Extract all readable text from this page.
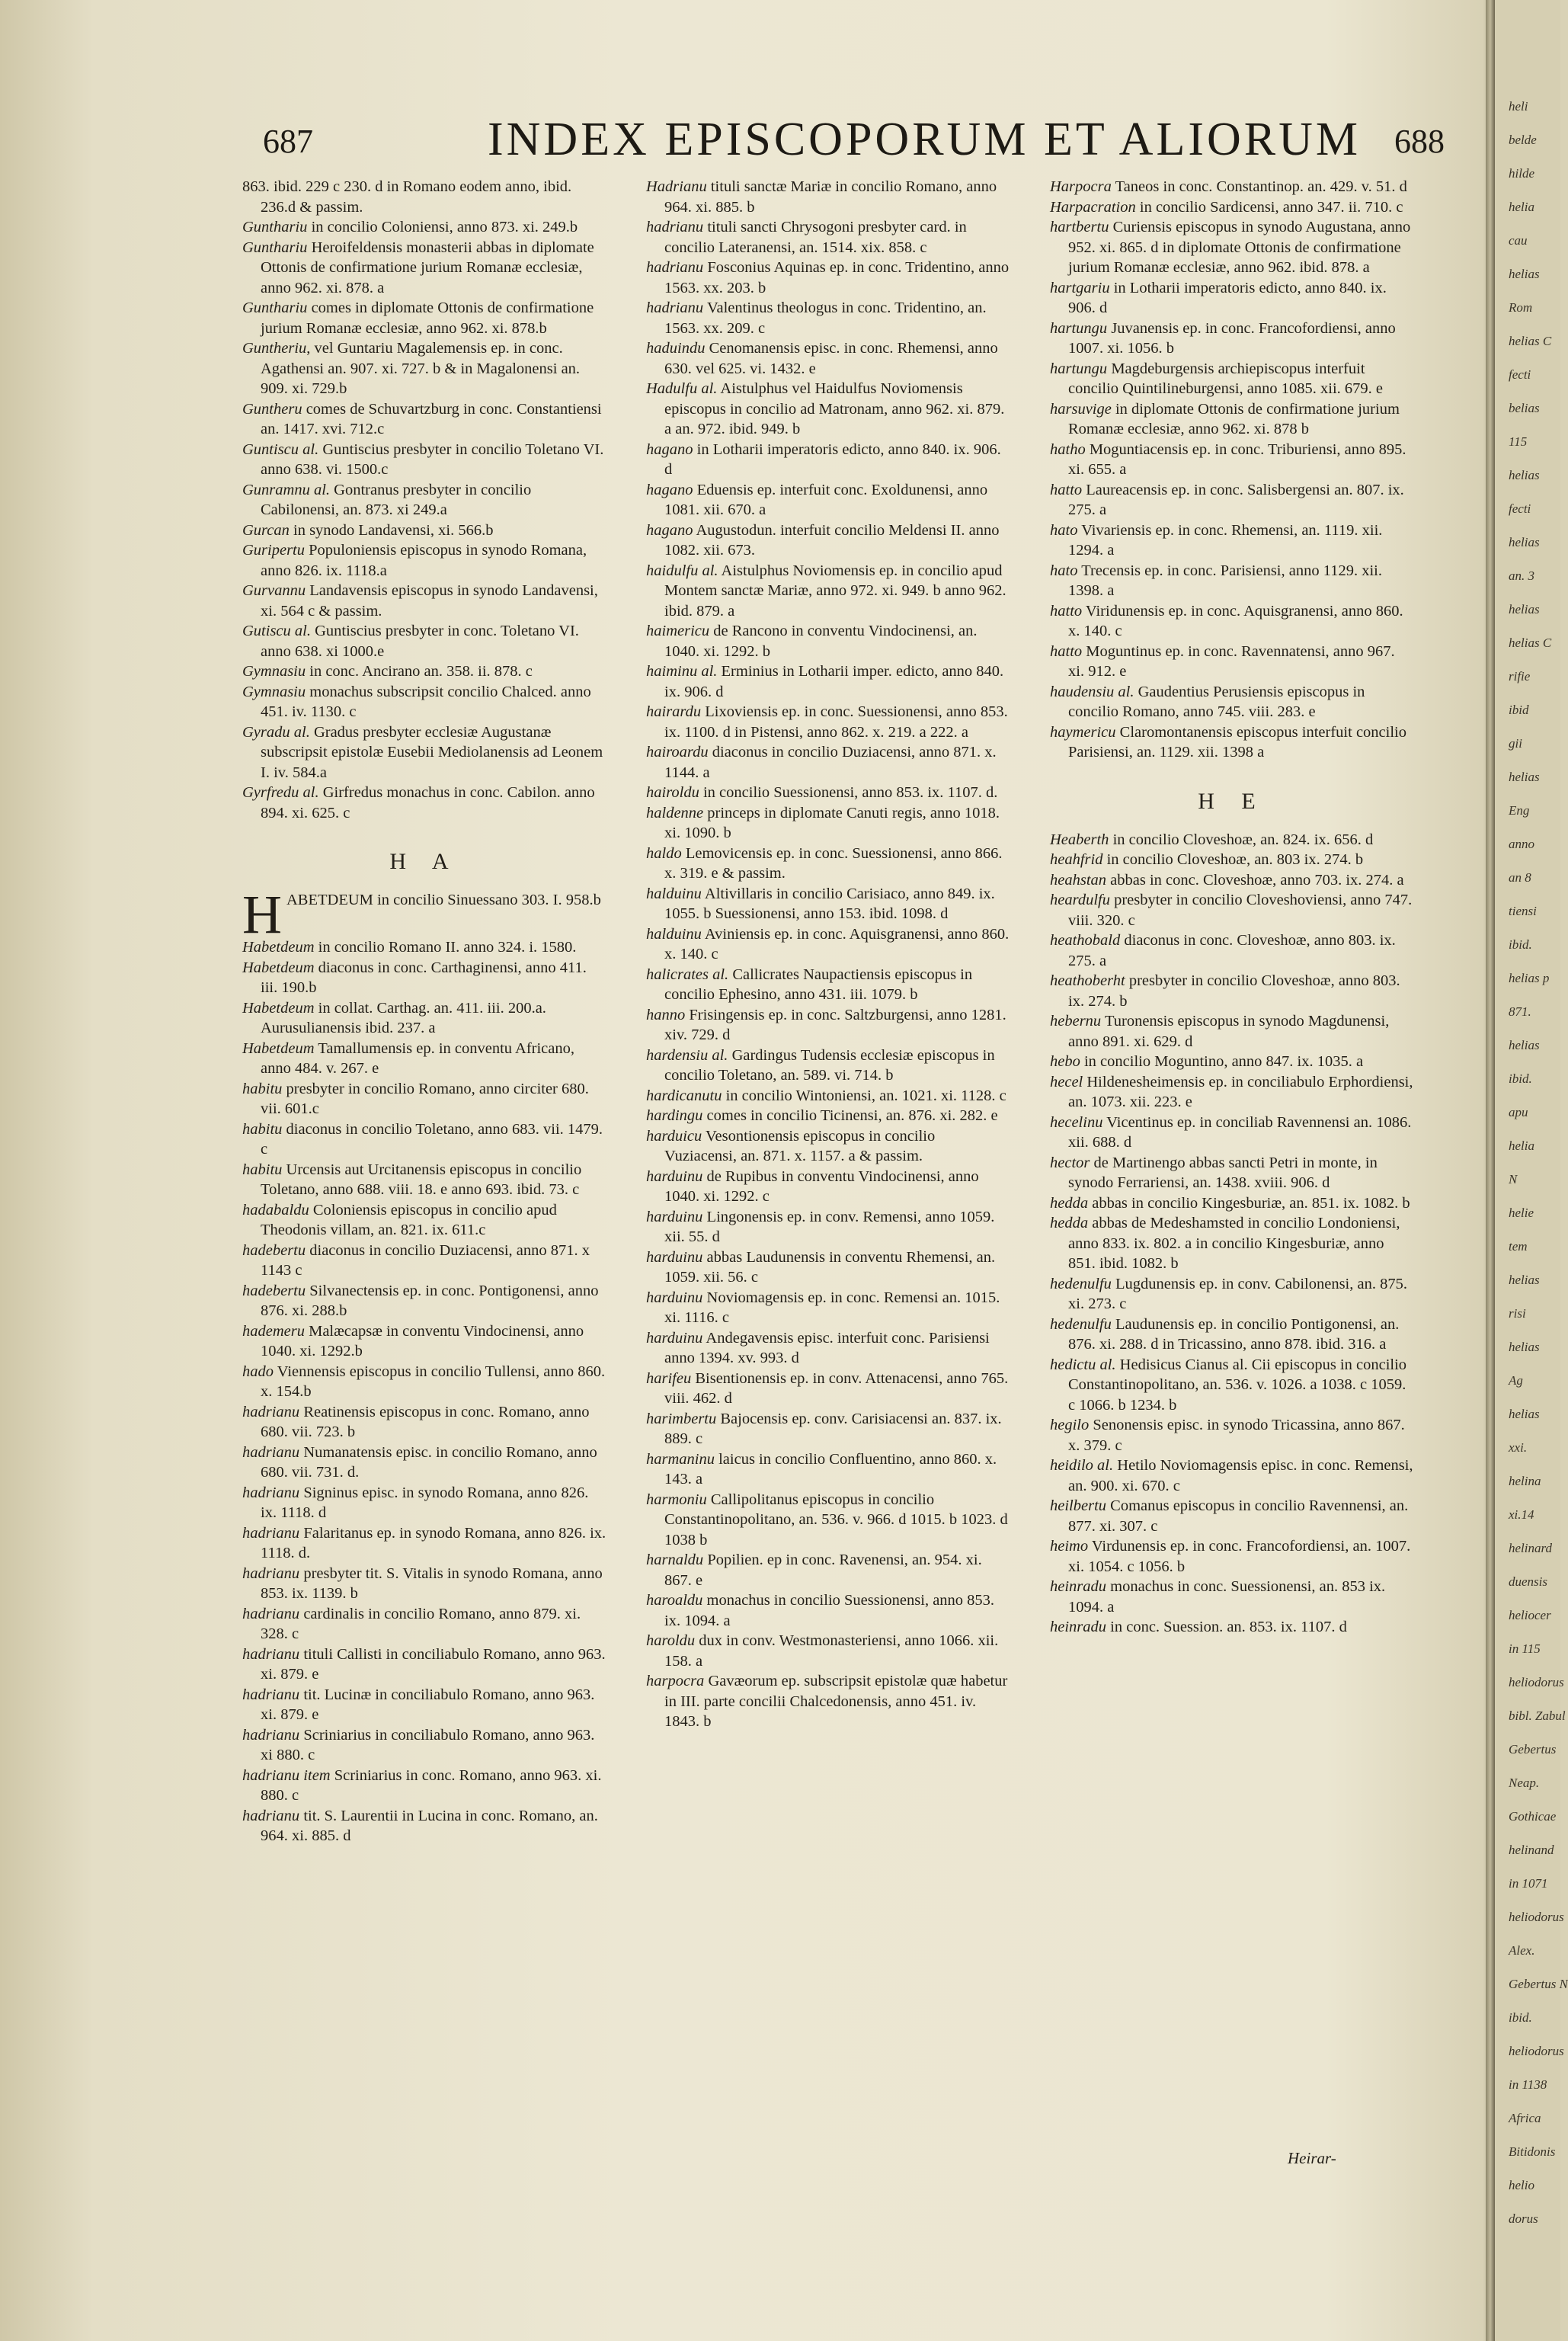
687	INDEX EPISCOPORUM ET ALIORUM 688
863. ibid. 229 c 230. d in Romano eodem anno, ibid. 236.d & passim.
Gunthariu in concilio Coloniensi, anno 873. xi. 249.b
Gunthariu Heroifeldensis monasterii abbas in diplomate Ottonis de confirmatione jurium Romanæ ecclesiæ, anno 962. xi. 878. a
Gunthariu comes in diplomate Ottonis de confirmatione jurium Romanæ ecclesiæ, anno 962. xi. 878.b
Guntheriu, vel Guntariu Magalemensis ep. in conc. Agathensi an. 907. xi. 727. b & in Magalonensi an. 909. xi. 729.b
Guntheru comes de Schuvartzburg in conc. Constantiensi an. 1417. xvi. 712.c
Guntiscu al. Guntiscius presbyter in concilio Toletano VI. anno 638. vi. 1500.c
Gunramnu al. Gontranus presbyter in concilio Cabilonensi, an. 873. xi 249.a
Gurcan in synodo Landavensi, xi. 566.b
Guripertu Populoniensis episcopus in synodo Romana, anno 826. ix. 1118.a
Gurvannu Landavensis episcopus in synodo Landavensi, xi. 564 c & passim.
Gutiscu al. Guntiscius presbyter in conc. Toletano VI. anno 638. xi 1000.e
Gymnasiu in conc. Ancirano an. 358. ii. 878. c
Gymnasiu monachus subscripsit concilio Chalced. anno 451. iv. 1130. c
Gyradu al. Gradus presbyter ecclesiæ Augustanæ subscripsit epistolæ Eusebii Mediolanensis ad Leonem I. iv. 584.a
Gyrfredu al. Girfredus monachus in conc. Cabilon. anno 894. xi. 625. c
H A
HABETDEUM in concilio Sinuessano 303. I. 958.b
Habetdeum in concilio Romano II. anno 324. i. 1580.
Habetdeum diaconus in conc. Carthaginensi, anno 411. iii. 190.b
Habetdeum in collat. Carthag. an. 411. iii. 200.a. Aurusulianensis ibid. 237. a
Habetdeum Tamallumensis ep. in conventu Africano, anno 484. v. 267. e
habitu presbyter in concilio Romano, anno circiter 680. vii. 601.c
habitu diaconus in concilio Toletano, anno 683. vii. 1479. c
habitu Urcensis aut Urcitanensis episcopus in concilio Toletano, anno 688. viii. 18. e anno 693. ibid. 73. c
hadabaldu Coloniensis episcopus in concilio apud Theodonis villam, an. 821. ix. 611.c
hadebertu diaconus in concilio Duziacensi, anno 871. x 1143 c
hadebertu Silvanectensis ep. in conc. Pontigonensi, anno 876. xi. 288.b
hademeru Malæcapsæ in conventu Vindocinensi, anno 1040. xi. 1292.b
hado Viennensis episcopus in concilio Tullensi, anno 860. x. 154.b
hadrianu Reatinensis episcopus in conc. Romano, anno 680. vii. 723. b
hadrianu Numanatensis episc. in concilio Romano, anno 680. vii. 731. d.
hadrianu Signinus episc. in synodo Romana, anno 826. ix. 1118. d
hadrianu Falaritanus ep. in synodo Romana, anno 826. ix. 1118. d.
hadrianu presbyter tit. S. Vitalis in synodo Romana, anno 853. ix. 1139. b
hadrianu cardinalis in concilio Romano, anno 879. xi. 328. c
hadrianu tituli Callisti in conciliabulo Romano, anno 963. xi. 879. e
hadrianu tit. Lucinæ in conciliabulo Romano, anno 963. xi. 879. e
hadrianu Scriniarius in conciliabulo Romano, anno 963. xi 880. c
hadrianu item Scriniarius in conc. Romano, anno 963. xi. 880. c
hadrianu tit. S. Laurentii in Lucina in conc. Romano, an. 964. xi. 885. d
Hadrianu tituli sanctæ Mariæ in concilio Romano, anno 964. xi. 885. b
hadrianu tituli sancti Chrysogoni presbyter card. in concilio Lateranensi, an. 1514. xix. 858. c
hadrianu Fosconius Aquinas ep. in conc. Tridentino, anno 1563. xx. 203. b
hadrianu Valentinus theologus in conc. Tridentino, an. 1563. xx. 209. c
haduindu Cenomanensis episc. in conc. Rhemensi, anno 630. vel 625. vi. 1432. e
Hadulfu al. Aistulphus vel Haidulfus Noviomensis episcopus in concilio ad Matronam, anno 962. xi. 879. a an. 972. ibid. 949. b
hagano in Lotharii imperatoris edicto, anno 840. ix. 906. d
hagano Eduensis ep. interfuit conc. Exoldunensi, anno 1081. xii. 670. a
hagano Augustodun. interfuit concilio Meldensi II. anno 1082. xii. 673.
haidulfu al. Aistulphus Noviomensis ep. in concilio apud Montem sanctæ Mariæ, anno 972. xi. 949. b anno 962. ibid. 879. a
haimericu de Rancono in conventu Vindocinensi, an. 1040. xi. 1292. b
haiminu al. Erminius in Lotharii imper. edicto, anno 840. ix. 906. d
hairardu Lixoviensis ep. in conc. Suessionensi, anno 853. ix. 1100. d in Pistensi, anno 862. x. 219. a 222. a
hairoardu diaconus in concilio Duziacensi, anno 871. x. 1144. a
hairoldu in concilio Suessionensi, anno 853. ix. 1107. d.
haldenne princeps in diplomate Canuti regis, anno 1018. xi. 1090. b
haldo Lemovicensis ep. in conc. Suessionensi, anno 866. x. 319. e & passim.
halduinu Altivillaris in concilio Carisiaco, anno 849. ix. 1055. b Suessionensi, anno 153. ibid. 1098. d
halduinu Aviniensis ep. in conc. Aquisgranensi, anno 860. x. 140. c
halicrates al. Callicrates Naupactiensis episcopus in concilio Ephesino, anno 431. iii. 1079. b
hanno Frisingensis ep. in conc. Saltzburgensi, anno 1281. xiv. 729. d
hardensiu al. Gardingus Tudensis ecclesiæ episcopus in concilio Toletano, an. 589. vi. 714. b
hardicanutu in concilio Wintoniensi, an. 1021. xi. 1128. c
hardingu comes in concilio Ticinensi, an. 876. xi. 282. e
harduicu Vesontionensis episcopus in concilio Vuziacensi, an. 871. x. 1157. a & passim.
harduinu de Rupibus in conventu Vindocinensi, anno 1040. xi. 1292. c
harduinu Lingonensis ep. in conv. Remensi, anno 1059. xii. 55. d
harduinu abbas Laudunensis in conventu Rhemensi, an. 1059. xii. 56. c
harduinu Noviomagensis ep. in conc. Remensi an. 1015. xi. 1116. c
harduinu Andegavensis episc. interfuit conc. Parisiensi anno 1394. xv. 993. d
harifeu Bisentionensis ep. in conv. Attenacensi, anno 765. viii. 462. d
harimbertu Bajocensis ep. conv. Carisiacensi an. 837. ix. 889. c
harmaninu laicus in concilio Confluentino, anno 860. x. 143. a
harmoniu Callipolitanus episcopus in concilio Constantinopolitano, an. 536. v. 966. d 1015. b 1023. d 1038 b
harnaldu Popilien. ep in conc. Ravenensi, an. 954. xi. 867. e
haroaldu monachus in concilio Suessionensi, anno 853. ix. 1094. a
haroldu dux in conv. Westmonasteriensi, anno 1066. xii. 158. a
harpocra Gavæorum ep. subscripsit epistolæ quæ habetur in III. parte concilii Chalcedonensis, anno 451. iv. 1843. b
Harpocra Taneos in conc. Constantinop. an. 429. v. 51. d
Harpacration in concilio Sardicensi, anno 347. ii. 710. c
hartbertu Curiensis episcopus in synodo Augustana, anno 952. xi. 865. d in diplomate Ottonis de confirmatione jurium Romanæ ecclesiæ, anno 962. ibid. 878. a
hartgariu in Lotharii imperatoris edicto, anno 840. ix. 906. d
hartungu Juvanensis ep. in conc. Francofordiensi, anno 1007. xi. 1056. b
hartungu Magdeburgensis archiepiscopus interfuit concilio Quintilineburgensi, anno 1085. xii. 679. e
harsuvige in diplomate Ottonis de confirmatione jurium Romanæ ecclesiæ, anno 962. xi. 878 b
hatho Moguntiacensis ep. in conc. Triburiensi, anno 895. xi. 655. a
hatto Laureacensis ep. in conc. Salisbergensi an. 807. ix. 275. a
hato Vivariensis ep. in conc. Rhemensi, an. 1119. xii. 1294. a
hato Trecensis ep. in conc. Parisiensi, anno 1129. xii. 1398. a
hatto Viridunensis ep. in conc. Aquisgranensi, anno 860. x. 140. c
hatto Moguntinus ep. in conc. Ravennatensi, anno 967. xi. 912. e
haudensiu al. Gaudentius Perusiensis episcopus in concilio Romano, anno 745. viii. 283. e
haymericu Claromontanensis episcopus interfuit concilio Parisiensi, an. 1129. xii. 1398 a
H E
Heaberth in concilio Cloveshoæ, an. 824. ix. 656. d
heahfrid in concilio Cloveshoæ, an. 803 ix. 274. b
heahstan abbas in conc. Cloveshoæ, anno 703. ix. 274. a
heardulfu presbyter in concilio Cloveshoviensi, anno 747. viii. 320. c
heathobald diaconus in conc. Cloveshoæ, anno 803. ix. 275. a
heathoberht presbyter in concilio Cloveshoæ, anno 803. ix. 274. b
hebernu Turonensis episcopus in synodo Magdunensi, anno 891. xi. 629. d
hebo in concilio Moguntino, anno 847. ix. 1035. a
hecel Hildenesheimensis ep. in conciliabulo Erphordiensi, an. 1073. xii. 223. e
hecelinu Vicentinus ep. in conciliab Ravennensi an. 1086. xii. 688. d
hector de Martinengo abbas sancti Petri in monte, in synodo Ferrariensi, an. 1438. xviii. 906. d
hedda abbas in concilio Kingesburiæ, an. 851. ix. 1082. b
hedda abbas de Medeshamsted in concilio Londoniensi, anno 833. ix. 802. a in concilio Kingesburiæ, anno 851. ibid. 1082. b
hedenulfu Lugdunensis ep. in conv. Cabilonensi, an. 875. xi. 273. c
hedenulfu Laudunensis ep. in concilio Pontigonensi, an. 876. xi. 288. d in Tricassino, anno 878. ibid. 316. a
hedictu al. Hedisicus Cianus al. Cii episcopus in concilio Constantinopolitano, an. 536. v. 1026. a 1038. c 1059. c 1066. b 1234. b
hegilo Senonensis episc. in synodo Tricassina, anno 867. x. 379. c
heidilo al. Hetilo Noviomagensis episc. in conc. Remensi, an. 900. xi. 670. c
heilbertu Comanus episcopus in concilio Ravennensi, an. 877. xi. 307. c
heimo Virdunensis ep. in conc. Francofordiensi, an. 1007. xi. 1054. c 1056. b
heinradu monachus in conc. Suessionensi, an. 853 ix. 1094. a
heinradu in conc. Suession. an. 853. ix. 1107. d
Heirar-
heli
belde
hilde
helia
cau
helias
Rom
helias C
fecti
belias
115
helias
fecti
helias
an. 3
helias
helias C
rifie
ibid
gii
helias
Eng
anno
an 8
tiensi
ibid.
helias p
871.
helias
ibid.
apu
helia
N
helie
tem
helias
risi
helias
Ag
helias
xxi.
helina
xi.14
helinard
duensis
heliocer
in 115
heliodorus
bibl. Zabul
Gebertus
Neap.
Gothicae
helinand
in 1071
heliodorus
Alex.
Gebertus N
ibid.
heliodorus
in 1138
Africa
Bitidonis
helio
dorus
